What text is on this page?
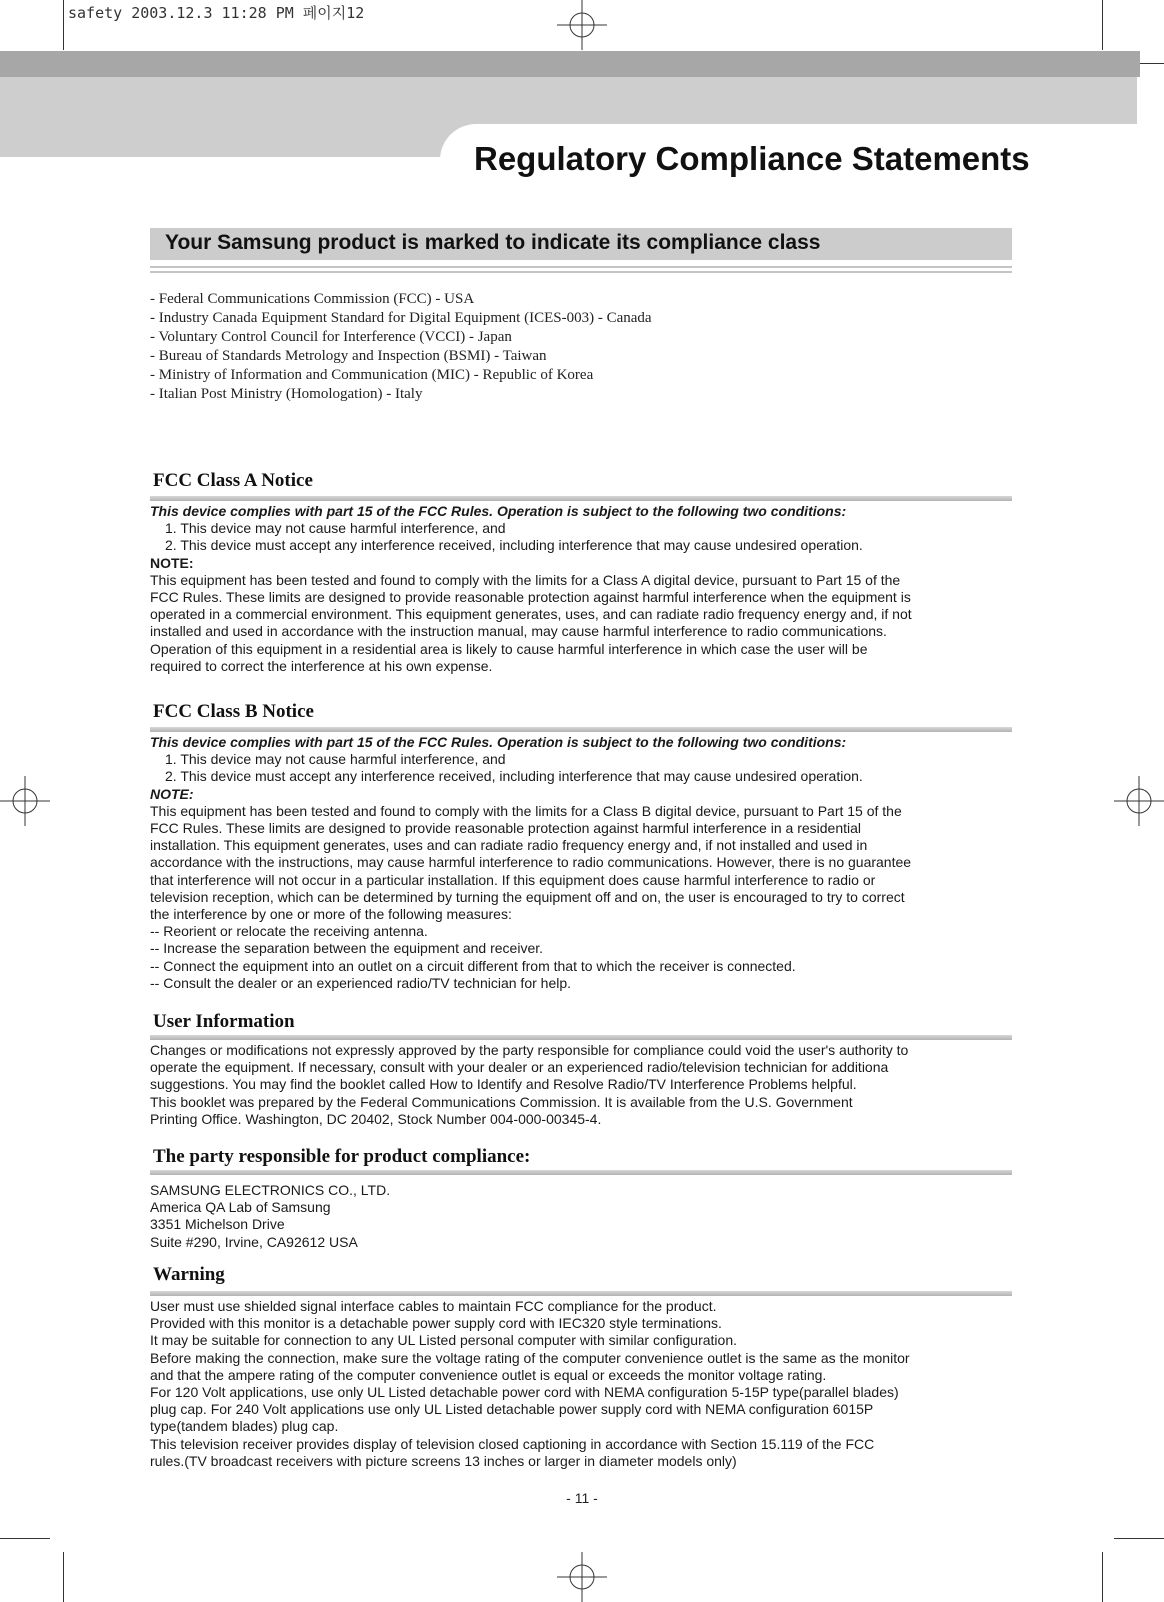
safety 2003.12.3 11:28 PM 페이지12
Regulatory Compliance Statements
Your Samsung product is marked to indicate its compliance class
- Federal Communications Commission (FCC) - USA
- Industry Canada Equipment Standard for Digital Equipment (ICES-003) - Canada
- Voluntary Control Council for Interference (VCCI) - Japan
- Bureau of Standards Metrology and Inspection (BSMI) - Taiwan
- Ministry of Information and Communication (MIC) - Republic of Korea
- Italian Post Ministry (Homologation) - Italy
FCC Class A Notice
This device complies with part 15 of the FCC Rules. Operation is subject to the following two conditions:
1. This device may not cause harmful interference, and
2. This device must accept any interference received, including interference that may cause undesired operation.
NOTE:
This equipment has been tested and found to comply with the limits for a Class A digital device, pursuant to Part 15 of the
FCC Rules. These limits are designed to provide reasonable protection against harmful interference when the equipment is
operated in a commercial environment. This equipment generates, uses, and can radiate radio frequency energy and, if not
installed and used in accordance with the instruction manual, may cause harmful interference to radio communications.
Operation of this equipment in a residential area is likely to cause harmful interference in which case the user will be
required to correct the interference at his own expense.
FCC Class B Notice
This device complies with part 15 of the FCC Rules. Operation is subject to the following two conditions:
1. This device may not cause harmful interference, and
2. This device must accept any interference received, including interference that may cause undesired operation.
NOTE:
This equipment has been tested and found to comply with the limits for a Class B digital device, pursuant to Part 15 of the
FCC Rules. These limits are designed to provide reasonable protection against harmful interference in a residential
installation. This equipment generates, uses and can radiate radio frequency energy and, if not installed and used in
accordance with the instructions, may cause harmful interference to radio communications. However, there is no guarantee
that interference will not occur in a particular installation. If this equipment does cause harmful interference to radio or
television reception, which can be determined by turning the equipment off and on, the user is encouraged to try to correct
the interference by one or more of the following measures:
-- Reorient or relocate the receiving antenna.
-- Increase the separation between the equipment and receiver.
-- Connect the equipment into an outlet on a circuit different from that to which the receiver is connected.
-- Consult the dealer or an experienced radio/TV technician for help.
User Information
Changes or modifications not expressly approved by the party responsible for compliance could void the user's authority to
operate the equipment. If necessary, consult with your dealer or an experienced radio/television technician for additiona
suggestions. You may find the booklet called How to Identify and Resolve Radio/TV Interference Problems helpful.
This booklet was prepared by the Federal Communications Commission. It is available from the U.S. Government
Printing Office. Washington, DC 20402, Stock Number 004-000-00345-4.
The party responsible for product compliance:
SAMSUNG ELECTRONICS CO., LTD.
America QA Lab of Samsung
3351 Michelson Drive
Suite #290, Irvine, CA92612 USA
Warning
User must use shielded signal interface cables to maintain FCC compliance for the product.
Provided with this monitor is a detachable power supply cord with IEC320 style terminations.
It may be suitable for connection to any UL Listed personal computer with similar configuration.
Before making the connection, make sure the voltage rating of the computer convenience outlet is the same as the monitor
and that the ampere rating of the computer convenience outlet is equal or exceeds the monitor voltage rating.
For 120 Volt applications, use only UL Listed detachable power cord with NEMA configuration 5-15P type(parallel blades)
plug cap. For 240 Volt applications use only UL Listed detachable power supply cord with NEMA configuration 6015P
type(tandem blades) plug cap.
This television receiver provides display of television closed captioning in accordance with Section 15.119 of the FCC
rules.(TV broadcast receivers with picture screens 13 inches or larger in diameter models only)
- 11 -
